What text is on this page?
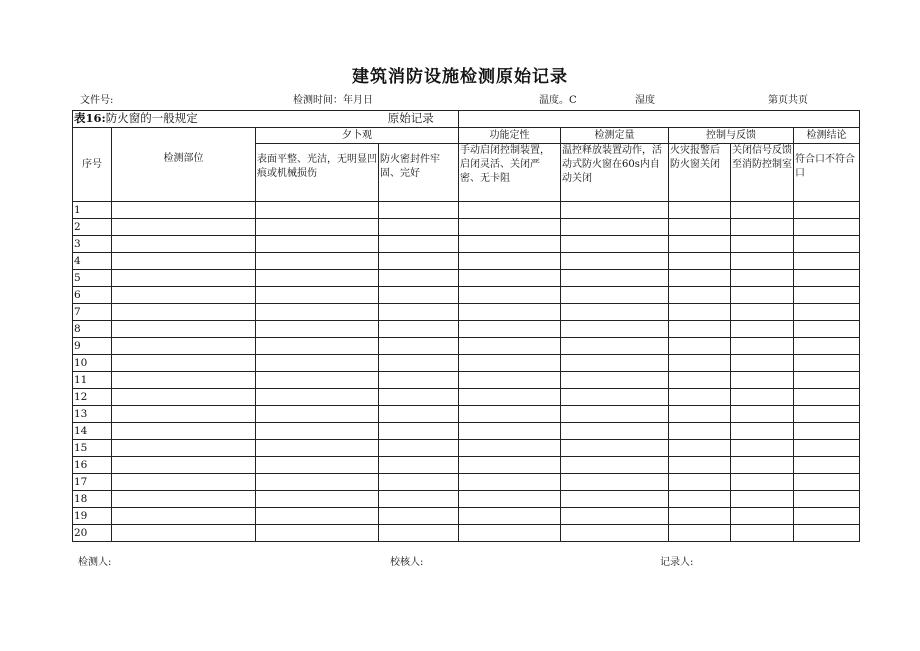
建筑消防设施检测原始记录
文件号:	检测时间：年月日	温度。C	湿度	第页共页
表16:防火窗的一般规定 原始记录								
序号	检测部位	夕卜观		功能定性	检测定量	控制与反馈		检测结论
		表面平整、光洁，无明显凹痕或机械损伤	防火密封件牢固、完好	手动启闭控制装置，启闭灵活、关闭严密、无卡阻	温控释放装置动作，活动式防火窗在60s内自动关闭	火灾报警后防火窗关闭	关闭信号反馈至消防控制室	符合口不符合口
1								
2								
3								
4								
5								
6								
7								
8								
9								
10								
11								
12								
13								
14								
15								
16								
17								
18								
19								
20								
检测人:	校核人:	记录人:
